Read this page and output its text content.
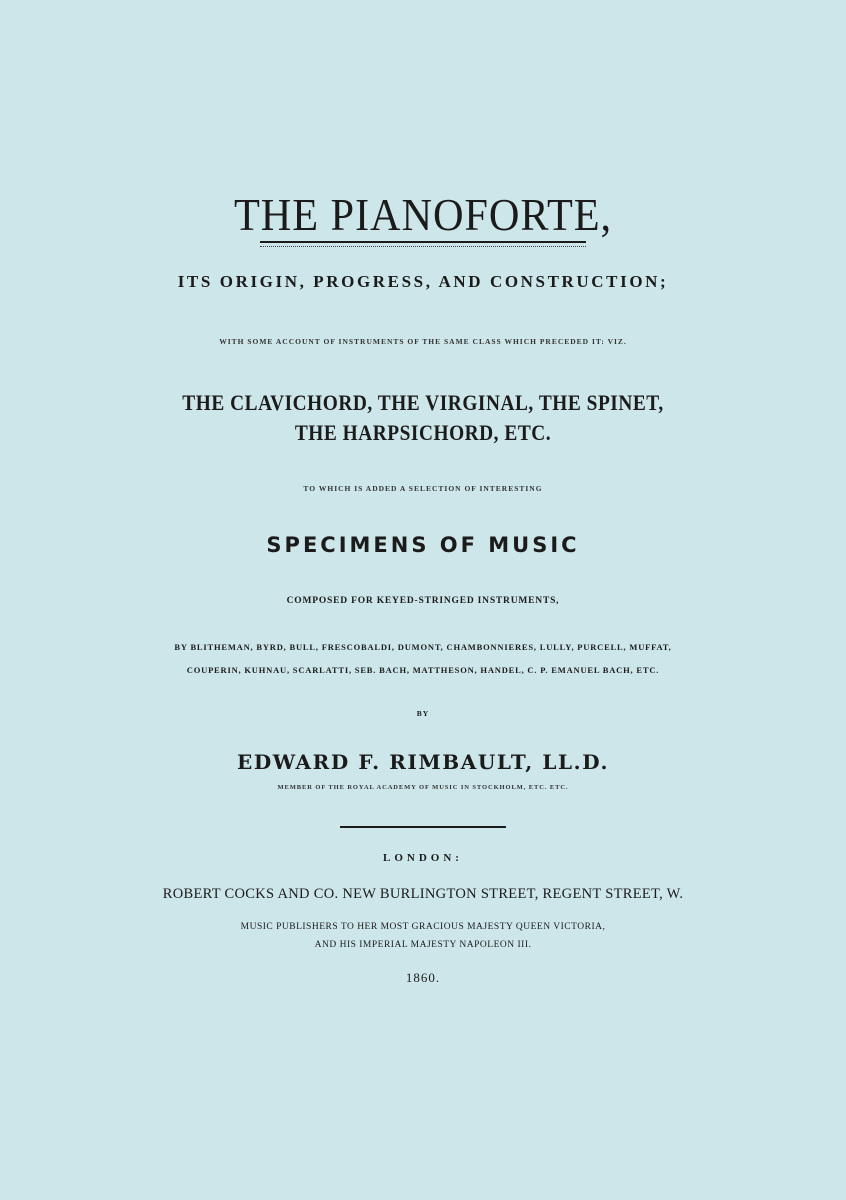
THE PIANOFORTE,
ITS ORIGIN, PROGRESS, AND CONSTRUCTION;
WITH SOME ACCOUNT OF INSTRUMENTS OF THE SAME CLASS WHICH PRECEDED IT: VIZ.
THE CLAVICHORD, THE VIRGINAL, THE SPINET,
THE HARPSICHORD, ETC.
TO WHICH IS ADDED A SELECTION OF INTERESTING
SPECIMENS OF MUSIC
COMPOSED FOR KEYED-STRINGED INSTRUMENTS,
BY BLITHEMAN, BYRD, BULL, FRESCOBALDI, DUMONT, CHAMBONNIERES, LULLY, PURCELL, MUFFAT,
COUPERIN, KUHNAU, SCARLATTI, SEB. BACH, MATTHESON, HANDEL, C. P. EMANUEL BACH, ETC.
BY
EDWARD F. RIMBAULT, LL.D.
MEMBER OF THE ROYAL ACADEMY OF MUSIC IN STOCKHOLM, ETC. ETC.
LONDON:
ROBERT COCKS AND CO. NEW BURLINGTON STREET, REGENT STREET, W.
MUSIC PUBLISHERS TO HER MOST GRACIOUS MAJESTY QUEEN VICTORIA,
AND HIS IMPERIAL MAJESTY NAPOLEON III.
1860.
